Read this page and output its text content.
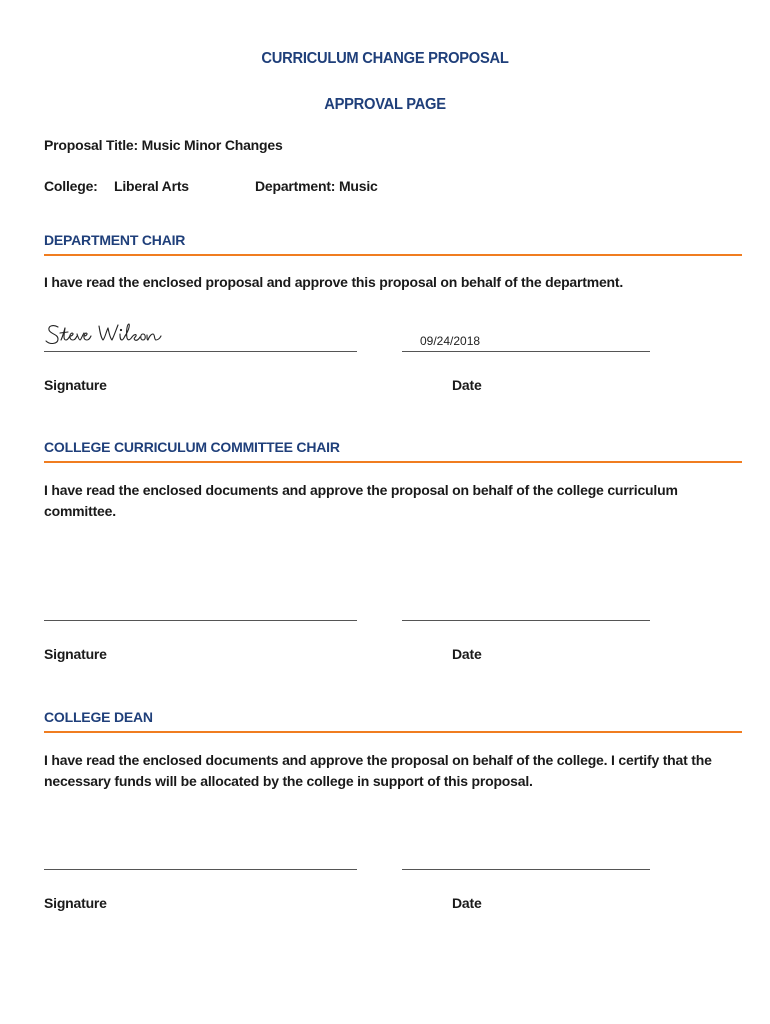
CURRICULUM CHANGE PROPOSAL
APPROVAL PAGE
Proposal Title: Music Minor Changes
College: Liberal Arts	Department: Music
DEPARTMENT CHAIR
I have read the enclosed proposal and approve this proposal on behalf of the department.
Steve Wilson
09/24/2018
Signature	Date
COLLEGE CURRICULUM COMMITTEE CHAIR
I have read the enclosed documents and approve the proposal on behalf of the college curriculum committee.
Signature	Date
COLLEGE DEAN
I have read the enclosed documents and approve the proposal on behalf of the college. I certify that the necessary funds will be allocated by the college in support of this proposal.
Signature	Date
